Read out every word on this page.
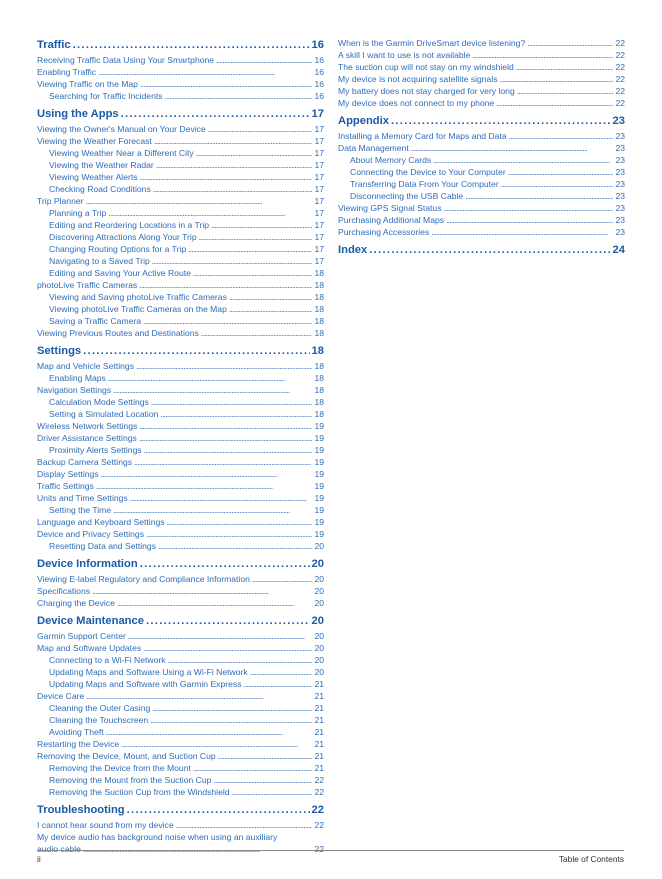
Traffic . . .	16
Receiving Traffic Data Using Your Smartphone . . .	16
Enabling Traffic . . .	16
Viewing Traffic on the Map . . .	16
Searching for Traffic Incidents . . .	16
Using the Apps . . .	17
Viewing the Owner's Manual on Your Device . . .	17
Viewing the Weather Forecast . . .	17
Viewing Weather Near a Different City . . .	17
Viewing the Weather Radar . . .	17
Viewing Weather Alerts . . .	17
Checking Road Conditions . . .	17
Trip Planner . . .	17
Planning a Trip . . .	17
Editing and Reordering Locations in a Trip . . .	17
Discovering Attractions Along Your Trip . . .	17
Changing Routing Options for a Trip . . .	17
Navigating to a Saved Trip . . .	17
Editing and Saving Your Active Route . . .	18
photoLive Traffic Cameras . . .	18
Viewing and Saving photoLive Traffic Cameras . . .	18
Viewing photoLive Traffic Cameras on the Map . . .	18
Saving a Traffic Camera . . .	18
Viewing Previous Routes and Destinations . . .	18
Settings . . .	18
Map and Vehicle Settings . . .	18
Enabling Maps . . .	18
Navigation Settings . . .	18
Calculation Mode Settings . . .	18
Setting a Simulated Location . . .	18
Wireless Network Settings . . .	19
Driver Assistance Settings . . .	19
Proximity Alerts Settings . . .	19
Backup Camera Settings . . .	19
Display Settings . . .	19
Traffic Settings . . .	19
Units and Time Settings . . .	19
Setting the Time . . .	19
Language and Keyboard Settings . . .	19
Device and Privacy Settings . . .	19
Resetting Data and Settings . . .	20
Device Information . . .	20
Viewing E-label Regulatory and Compliance Information . . .	20
Specifications . . .	20
Charging the Device . . .	20
Device Maintenance . . .	20
Garmin Support Center . . .	20
Map and Software Updates . . .	20
Connecting to a Wi-Fi Network . . .	20
Updating Maps and Software Using a Wi-Fi Network . . .	20
Updating Maps and Software with Garmin Express . . .	21
Device Care . . .	21
Cleaning the Outer Casing . . .	21
Cleaning the Touchscreen . . .	21
Avoiding Theft . . .	21
Restarting the Device . . .	21
Removing the Device, Mount, and Suction Cup . . .	21
Removing the Device from the Mount . . .	21
Removing the Mount from the Suction Cup . . .	22
Removing the Suction Cup from the Windshield . . .	22
Troubleshooting . . .	22
I cannot hear sound from my device . . .	22
My device audio has background noise when using an auxiliary
audio cable . . .	22
When is the Garmin DriveSmart device listening? . . .	22
A skill I want to use is not available . . .	22
The suction cup will not stay on my windshield . . .	22
My device is not acquiring satellite signals . . .	22
My battery does not stay charged for very long . . .	22
My device does not connect to my phone . . .	22
Appendix . . .	23
Installing a Memory Card for Maps and Data . . .	23
Data Management . . .	23
About Memory Cards . . .	23
Connecting the Device to Your Computer . . .	23
Transferring Data From Your Computer . . .	23
Disconnecting the USB Cable . . .	23
Viewing GPS Signal Status . . .	23
Purchasing Additional Maps . . .	23
Purchasing Accessories . . .	23
Index . . .	24
ii	Table of Contents
